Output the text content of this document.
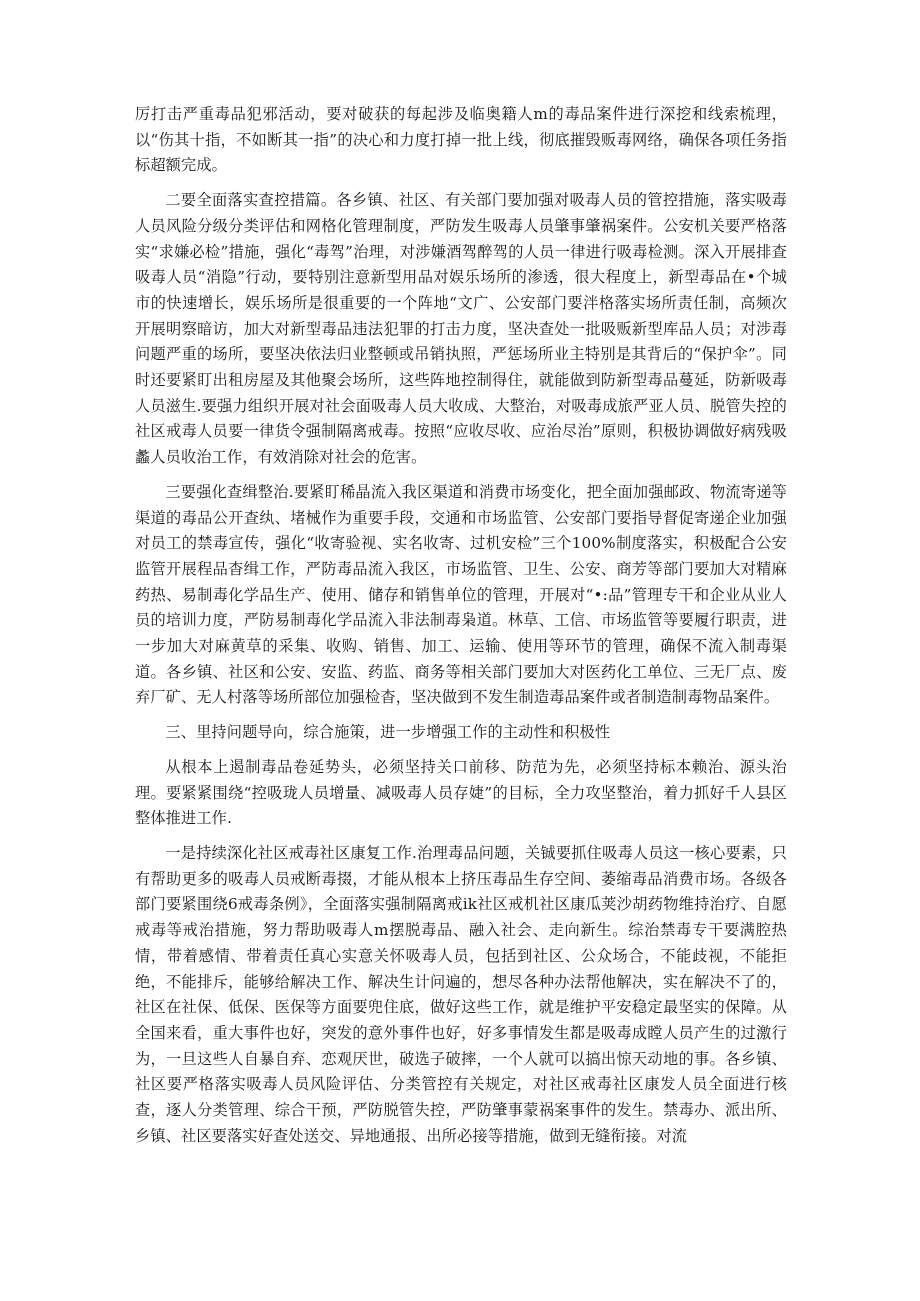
厉打击严重毒品犯邪活动，要对破获的每起涉及临奥籍人m的毒品案件进行深挖和线索梳理，以“伤其十指，不如断其一指”的决心和力度打掉一批上线，彻底摧毁贩毒网络，确保各项任务指标超额完成。

二要全面落实查控措篇。各乡镇、社区、有关部门要加强对吸毒人员的管控措施，落实吸毒人员风险分级分类评估和网格化管理制度，严防发生吸毒人员肇事肇祸案件。公安机关要严格落实“求嫌必检”措施，强化“毒驾”治理，对涉嫌酒驾醉驾的人员一律进行吸毒检测。深入开展排查吸毒人员“消隐”行动，要特别注意新型用品对娱乐场所的渗透，很大程度上，新型毒品在•个城市的快速增长，娱乐场所是很重要的一个阵地“文广、公安部门要泮格落实场所责任制，高频次开展明察暗访，加大对新型毒品违法犯罪的打击力度，坚决查处一批吸贩新型库品人员；对涉毒问题严重的场所，要坚决依法归业整顿或吊销执照，严惩场所业主特别是其背后的“保护伞”。同时还要紧盯出租房屋及其他聚会场所，这些阵地控制得住，就能做到防新型毒品蔓延，防新吸毒人员滋生.要强力组织开展对社会面吸毒人员大收成、大整治，对吸毒成旅严亚人员、脱管失控的社区戒毒人员要一律货令强制隔离戒毒。按照“应收尽收、应治尽治”原则，积极协调做好病残吸蠡人员收治工作，有效消除对社会的危害。

三要强化查缉整治.要紧盯稀晶流入我区渠道和消费市场变化，把全面加强邮政、物流寄递等渠道的毒品公开查纨、堵械作为重要手段，交通和市场监管、公安部门要指导督促寄递企业加强对员工的禁毒宣传，强化“收寄验视、实名收寄、过机安检”三个100%制度落实，积极配合公安监管开展程品杳缉工作，严防毒品流入我区，市场监管、卫生、公安、商芳等部门要加大对精麻药热、易制毒化学品生产、使用、储存和销售单位的管理，开展对“•:品”管理专干和企业从业人员的培训力度，严防易制毒化学品流入非法制毒枭道。林草、工信、市场监管等要履行职责，进一步加大对麻黄草的采集、收购、销售、加工、运输、使用等环节的管理，确保不流入制毒渠道。各乡镇、社区和公安、安监、药监、商务等相关部门要加大对医药化工单位、三无厂点、废弃厂矿、无人村落等场所部位加强检杳，坚决做到不发生制造毒品案件或者制造制毒物品案件。

三、里持问题导向，综合施策，进一步增强工作的主动性和积极性

从根本上遏制毒品卷延势头，必须坚持关口前移、防范为先，必须坚持标本赖治、源头治理。要紧紧围绕“控吸珑人员增量、减吸毒人员存婕”的目标，全力攻坚整治，着力抓好千人县区整体推进工作.

一是持续深化社区戒毒社区康复工作.治理毒品问题，关铖要抓住吸毒人员这一核心要素，只有帮助更多的吸毒人员戒断毒掇，才能从根本上挤压毒品生存空间、萎缩毒品消费市场。各级各部门要紧围绕6戒毒条例》，全面落实强制隔离戒ik社区戒机社区康瓜荚沙胡药物维持治疗、自愿戒毒等戒治措施，努力帮助吸毒人m摆脱毒品、融入社会、走向新生。综治禁毒专干要满腔热情，带着感情、带着责任真心实意关怀吸毒人员，包括到社区、公众场合，不能歧视，不能拒绝，不能排斥，能够给解决工作、解决生计问遍的，想尽各种办法帮他解决，实在解决不了的，社区在社保、低保、医保等方面要兜住底，做好这些工作，就是维护平安稳定最坚实的保障。从全国来看，重大事件也好，突发的意外事件也好，好多事情发生都是吸毒成瞠人员产生的过激行为，一旦这些人自暴自弃、恋观厌世，破选子破摔，一个人就可以搞出惊天动地的事。各乡镇、社区要严格落实吸毒人员风险评估、分类管控有关规定，对社区戒毒社区康发人员全面进行核查，逐人分类管理、综合干预，严防脱管失控，严防肇事蒙祸案事件的发生。禁毒办、派出所、乡镇、社区要落实好查处送交、异地通报、出所必接等措施，做到无缝衔接。对流
